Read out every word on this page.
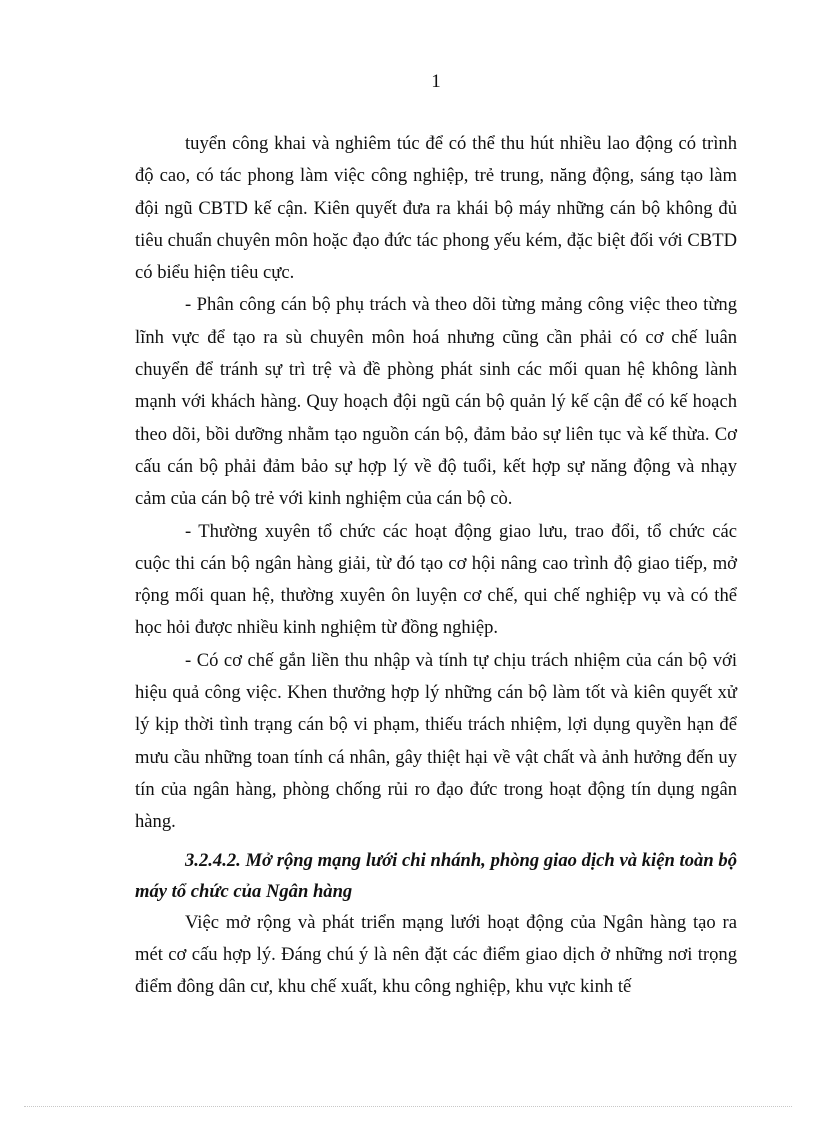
1

tuyển công khai và nghiêm túc để có thể thu hút nhiều lao động có trình độ cao, có tác phong làm việc công nghiệp, trẻ trung, năng động, sáng tạo làm đội ngũ CBTD kế cận. Kiên quyết đưa ra khái bộ máy những cán bộ không đủ tiêu chuẩn chuyên môn hoặc đạo đức tác phong yếu kém, đặc biệt đối với CBTD có biểu hiện tiêu cực.

- Phân công cán bộ phụ trách và theo dõi từng mảng công việc theo từng lĩnh vực để tạo ra sù chuyên môn hoá nhưng cũng cần phải có cơ chế luân chuyển để tránh sự trì trệ và đề phòng phát sinh các mối quan hệ không lành mạnh với khách hàng. Quy hoạch đội ngũ cán bộ quản lý kế cận để có kế hoạch theo dõi, bồi dưỡng nhằm tạo nguồn cán bộ, đảm bảo sự liên tục và kế thừa. Cơ cấu cán bộ phải đảm bảo sự hợp lý về độ tuổi, kết hợp sự năng động và nhạy cảm của cán bộ trẻ với kinh nghiệm của cán bộ cò.

- Thường xuyên tổ chức các hoạt động giao lưu, trao đổi, tổ chức các cuộc thi cán bộ ngân hàng giải, từ đó tạo cơ hội nâng cao trình độ giao tiếp, mở rộng mối quan hệ, thường xuyên ôn luyện cơ chế, qui chế nghiệp vụ và có thể học hỏi được nhiều kinh nghiệm từ đồng nghiệp.

- Có cơ chế gắn liền thu nhập và tính tự chịu trách nhiệm của cán bộ với hiệu quả công việc. Khen thưởng hợp lý những cán bộ làm tốt và kiên quyết xử lý kịp thời tình trạng cán bộ vi phạm, thiếu trách nhiệm, lợi dụng quyền hạn để mưu cầu những toan tính cá nhân, gây thiệt hại về vật chất và ảnh hưởng đến uy tín của ngân hàng, phòng chống rủi ro đạo đức trong hoạt động tín dụng ngân hàng.

3.2.4.2. Mở rộng mạng lưới chi nhánh, phòng giao dịch và kiện toàn bộ máy tổ chức của Ngân hàng

Việc mở rộng và phát triển mạng lưới hoạt động của Ngân hàng tạo ra mét cơ cấu hợp lý. Đáng chú ý là nên đặt các điểm giao dịch ở những nơi trọng điểm đông dân cư, khu chế xuất, khu công nghiệp, khu vực kinh tế
